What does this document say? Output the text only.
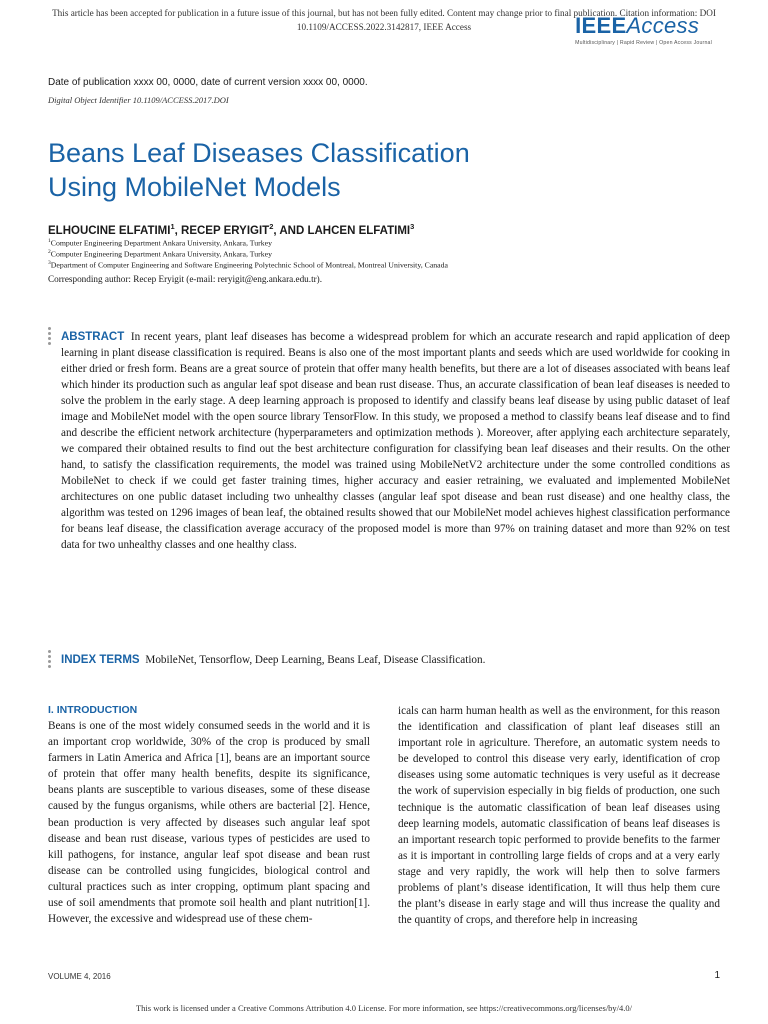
This article has been accepted for publication in a future issue of this journal, but has not been fully edited. Content may change prior to final publication. Citation information: DOI
10.1109/ACCESS.2022.3142817, IEEE Access	IEEEAccess
Multidisciplinary | Rapid Review | Open Access Journal
Date of publication xxxx 00, 0000, date of current version xxxx 00, 0000.
Digital Object Identifier 10.1109/ACCESS.2017.DOI
Beans Leaf Diseases Classification
Using MobileNet Models
ELHOUCINE ELFATIMI$^1$, RECEP ERYIGIT$^2$, AND LAHCEN ELFATIMI$^3$
$^1$Computer Engineering Department Ankara University, Ankara, Turkey
$^2$Computer Engineering Department Ankara University, Ankara, Turkey
$^3$Department of Computer Engineering and Software Engineering Polytechnic School of Montreal, Montreal University, Canada
Corresponding author: Recep Eryigit (e-mail: reryigit@eng.ankara.edu.tr).
ABSTRACT In recent years, plant leaf diseases has become a widespread problem for which an accurate research and rapid application of deep learning in plant disease classification is required. Beans is also one of the most important plants and seeds which are used worldwide for cooking in either dried or fresh form. Beans are a great source of protein that offer many health benefits, but there are a lot of diseases associated with beans leaf which hinder its production such as angular leaf spot disease and bean rust disease. Thus, an accurate classification of bean leaf diseases is needed to solve the problem in the early stage. A deep learning approach is proposed to identify and classify beans leaf disease by using public dataset of leaf image and MobileNet model with the open source library TensorFlow. In this study, we proposed a method to classify beans leaf disease and to find and describe the efficient network architecture (hyperparameters and optimization methods ). Moreover, after applying each architecture separately, we compared their obtained results to find out the best architecture configuration for classifying bean leaf diseases and their results. On the other hand, to satisfy the classification requirements, the model was trained using MobileNetV2 architecture under the some controlled conditions as MobileNet to check if we could get faster training times, higher accuracy and easier retraining, we evaluated and implemented MobileNet architectures on one public dataset including two unhealthy classes (angular leaf spot disease and bean rust disease) and one healthy class, the algorithm was tested on 1296 images of bean leaf, the obtained results showed that our MobileNet model achieves highest classification performance for beans leaf disease, the classification average accuracy of the proposed model is more than 97% on training dataset and more than 92% on test data for two unhealthy classes and one healthy class.
INDEX TERMS MobileNet, Tensorflow, Deep Learning, Beans Leaf, Disease Classification.
I. INTRODUCTION
Beans is one of the most widely consumed seeds in the world and it is an important crop worldwide, 30% of the crop is produced by small farmers in Latin America and Africa [1], beans are an important source of protein that offer many health benefits, despite its significance, beans plants are susceptible to various diseases, some of these disease caused by the fungus organisms, while others are bacterial [2]. Hence, bean production is very affected by diseases such angular leaf spot disease and bean rust disease, various types of pesticides are used to kill pathogens, for instance, angular leaf spot disease and bean rust disease can be controlled using fungicides, biological control and cultural practices such as inter cropping, optimum plant spacing and use of soil amendments that promote soil health and plant nutrition[1]. However, the excessive and widespread use of these chem-
icals can harm human health as well as the environment, for this reason the identification and classification of plant leaf diseases still an important role in agriculture. Therefore, an automatic system needs to be developed to control this disease very early, identification of crop diseases using some automatic techniques is very useful as it decrease the work of supervision especially in big fields of production, one such technique is the automatic classification of bean leaf diseases using deep learning models, automatic classification of beans leaf diseases is an important research topic performed to provide benefits to the farmer as it is important in controlling large fields of crops and at a very early stage and very rapidly, the work will help then to solve farmers problems of plant’s disease identification, It will thus help them cure the plant’s disease in early stage and will thus increase the quality and the quantity of crops, and therefore help in increasing
VOLUME 4, 2016	1
This work is licensed under a Creative Commons Attribution 4.0 License. For more information, see https://creativecommons.org/licenses/by/4.0/
